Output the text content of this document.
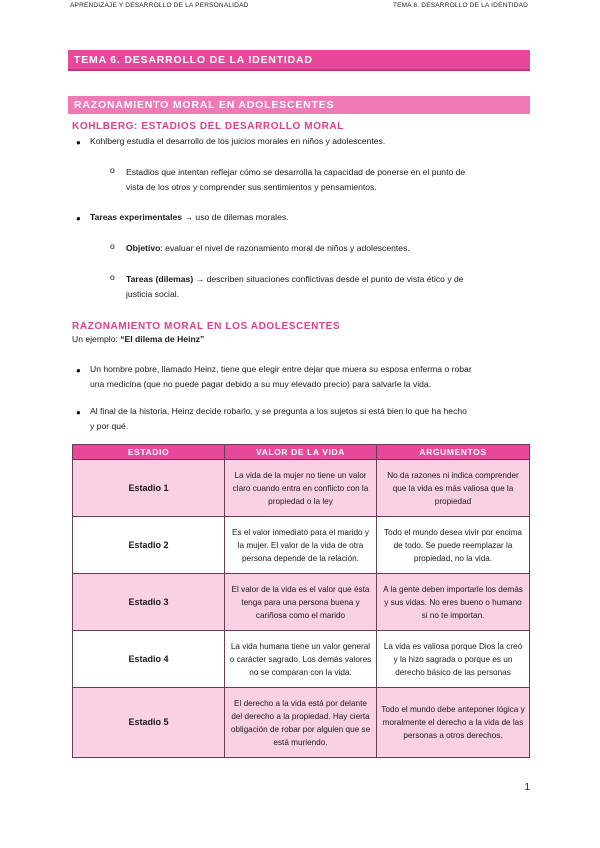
APRENDIZAJE Y DESARROLLO DE LA PERSONALIDAD	TEMA 6. DESARROLLO DE LA IDENTIDAD
TEMA 6. DESARROLLO DE LA IDENTIDAD
RAZONAMIENTO MORAL EN ADOLESCENTES
KOHLBERG: ESTADIOS DEL DESARROLLO MORAL
● Kohlberg estudia el desarrollo de los juicios morales en niños y adolescentes.
o Estadios que intentan reflejar cómo se desarrolla la capacidad de ponerse en el punto de
vista de los otros y comprender sus sentimientos y pensamientos.
● Tareas experimentales → uso de dilemas morales.
o Objetivo: evaluar el nivel de razonamiento moral de niños y adolescentes.
o Tareas (dilemas) → describen situaciones conflictivas desde el punto de vista ético y de
justicia social.
RAZONAMIENTO MORAL EN LOS ADOLESCENTES
Un ejemplo: “El dilema de Heinz”
● Un hombre pobre, llamado Heinz, tiene que elegir entre dejar que muera su esposa enferma o robar
una medicina (que no puede pagar debido a su muy elevado precio) para salvarle la vida.
● Al final de la historia, Heinz decide robarlo, y se pregunta a los sujetos si está bien lo que ha hecho
y por qué.
ESTADIO	VALOR DE LA VIDA	ARGUMENTOS
Estadio 1	La vida de la mujer no tiene un valor claro cuando entra en conflicto con la propiedad o la ley	No da razones ni indica comprender que la vida es más valiosa que la propiedad
Estadio 2	Es el valor inmediato para el marido y la mujer. El valor de la vida de otra persona depende de la relación.	Todo el mundo desea vivir por encima de todo. Se puede reemplazar la propiedad, no la vida.
Estadio 3	El valor de la vida es el valor que ésta tenga para una persona buena y cariñosa como el marido	A la gente deben importarle los demás y sus vidas. No eres bueno o humano si no te importan.
Estadio 4	La vida humana tiene un valor general o carácter sagrado. Los demás valores no se comparan con la vida.	La vida es valiosa porque Dios la creó y la hizo sagrada o porque es un derecho básico de las personas
Estadio 5	El derecho a la vida está por delante del derecho a la propiedad. Hay cierta obligación de robar por alguien que se está muriendo.	Todo el mundo debe anteponer lógica y moralmente el derecho a la vida de las personas a otros derechos.
1
